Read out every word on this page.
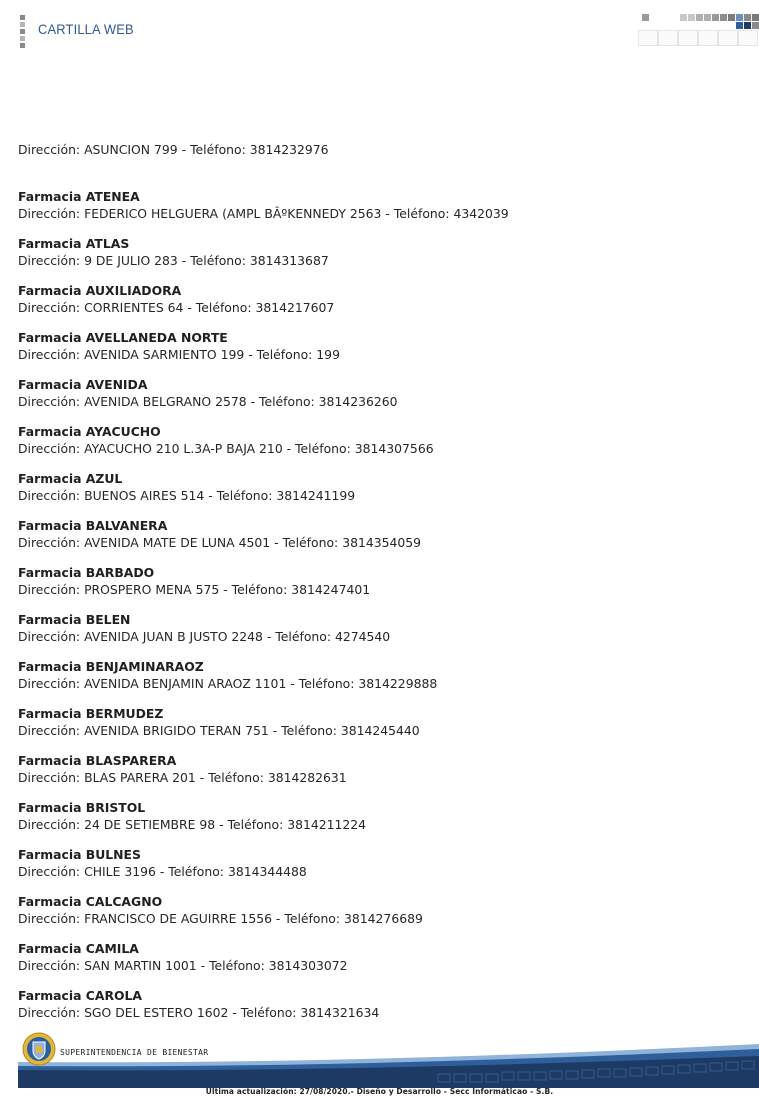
CARTILLA WEB
Dirección: ASUNCION 799 - Teléfono: 3814232976
Farmacia ATENEA
Dirección: FEDERICO HELGUERA (AMPL BÂºKENNEDY 2563 - Teléfono: 4342039
Farmacia ATLAS
Dirección: 9 DE JULIO 283 - Teléfono: 3814313687
Farmacia AUXILIADORA
Dirección: CORRIENTES 64 - Teléfono: 3814217607
Farmacia AVELLANEDA NORTE
Dirección: AVENIDA SARMIENTO 199 - Teléfono: 199
Farmacia AVENIDA
Dirección: AVENIDA BELGRANO 2578 - Teléfono: 3814236260
Farmacia AYACUCHO
Dirección: AYACUCHO 210 L.3A-P BAJA 210 - Teléfono: 3814307566
Farmacia AZUL
Dirección: BUENOS AIRES 514 - Teléfono: 3814241199
Farmacia BALVANERA
Dirección: AVENIDA MATE DE LUNA 4501 - Teléfono: 3814354059
Farmacia BARBADO
Dirección: PROSPERO MENA 575 - Teléfono: 3814247401
Farmacia BELEN
Dirección: AVENIDA JUAN B JUSTO 2248 - Teléfono: 4274540
Farmacia BENJAMINARAOZ
Dirección: AVENIDA BENJAMIN ARAOZ 1101 - Teléfono: 3814229888
Farmacia BERMUDEZ
Dirección: AVENIDA BRIGIDO TERAN 751 - Teléfono: 3814245440
Farmacia BLASPARERA
Dirección: BLAS PARERA 201 - Teléfono: 3814282631
Farmacia BRISTOL
Dirección: 24 DE SETIEMBRE 98 - Teléfono: 3814211224
Farmacia BULNES
Dirección: CHILE 3196 - Teléfono: 3814344488
Farmacia CALCAGNO
Dirección: FRANCISCO DE AGUIRRE 1556 - Teléfono: 3814276689
Farmacia CAMILA
Dirección: SAN MARTIN 1001 - Teléfono: 3814303072
Farmacia CAROLA
Dirección: SGO DEL ESTERO 1602 - Teléfono: 3814321634
SUPERINTENDENCIA DE BIENESTAR
Última actualización: 27/08/2020.- Diseño y Desarrollo - Secc Informáticao - S.B.
